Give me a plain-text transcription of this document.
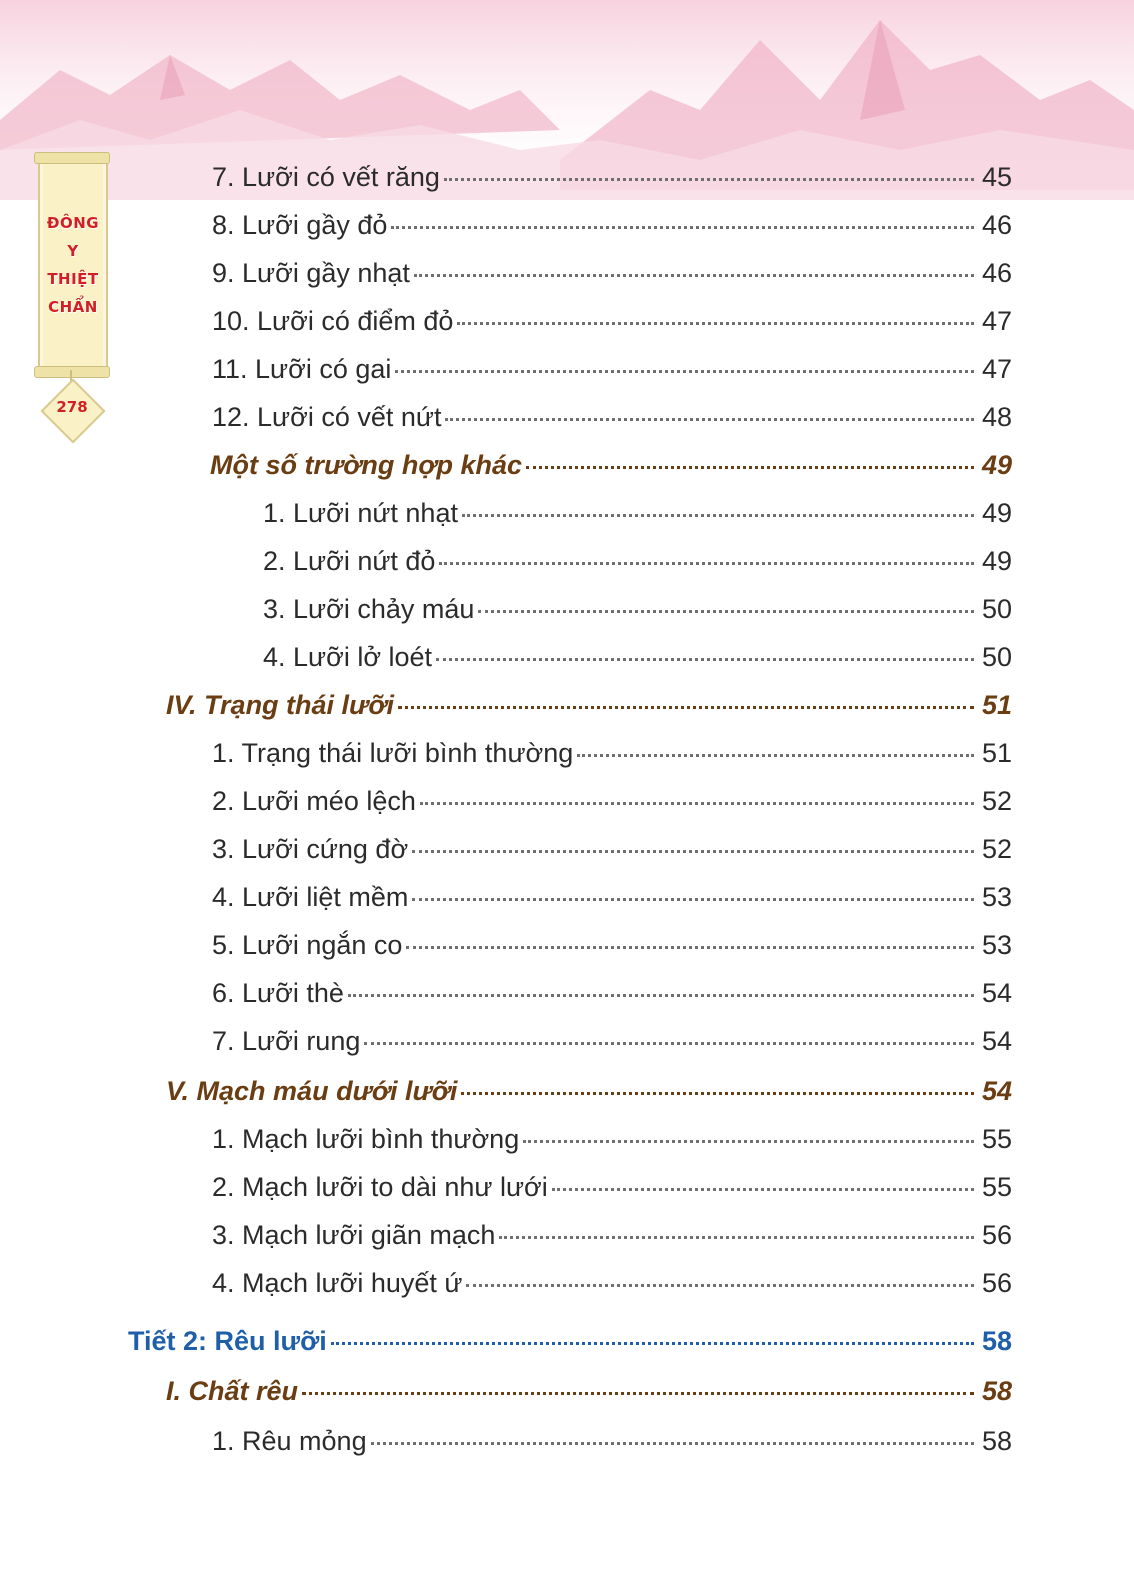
ĐÔNG
Y
THIỆT
CHẨN
278
7. Lưỡi có vết răng	45
8. Lưỡi gầy đỏ	46
9. Lưỡi gầy nhạt	46
10. Lưỡi có điểm đỏ	47
11. Lưỡi có gai	47
12. Lưỡi có vết nứt	48
Một số trường hợp khác	49
1. Lưỡi nứt nhạt	49
2. Lưỡi nứt đỏ	49
3. Lưỡi chảy máu	50
4. Lưỡi lở loét	50
IV. Trạng thái lưỡi	51
1. Trạng thái lưỡi bình thường	51
2. Lưỡi méo lệch	52
3. Lưỡi cứng đờ	52
4. Lưỡi liệt mềm	53
5. Lưỡi ngắn co	53
6. Lưỡi thè	54
7. Lưỡi rung	54
V. Mạch máu dưới lưỡi	54
1. Mạch lưỡi bình thường	55
2. Mạch lưỡi to dài như lưới	55
3. Mạch lưỡi giãn mạch	56
4. Mạch lưỡi huyết ứ	56
Tiết 2: Rêu lưỡi	58
I. Chất rêu	58
1. Rêu mỏng	58
